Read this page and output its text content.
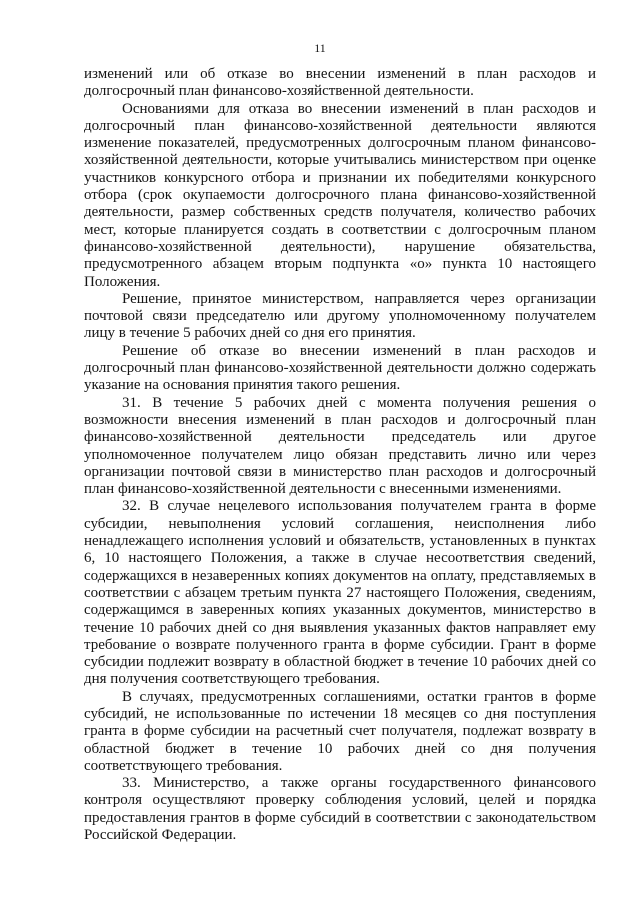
11

изменений или об отказе во внесении изменений в план расходов и долгосрочный план финансово-хозяйственной деятельности.

Основаниями для отказа во внесении изменений в план расходов и долгосрочный план финансово-хозяйственной деятельности являются изменение показателей, предусмотренных долгосрочным планом финансово-хозяйственной деятельности, которые учитывались министерством при оценке участников конкурсного отбора и признании их победителями конкурсного отбора (срок окупаемости долгосрочного плана финансово-хозяйственной деятельности, размер собственных средств получателя, количество рабочих мест, которые планируется создать в соответствии с долгосрочным планом финансово-хозяйственной деятельности), нарушение обязательства, предусмотренного абзацем вторым подпункта «о» пункта 10 настоящего Положения.

Решение, принятое министерством, направляется через организации почтовой связи председателю или другому уполномоченному получателем лицу в течение 5 рабочих дней со дня его принятия.

Решение об отказе во внесении изменений в план расходов и долгосрочный план финансово-хозяйственной деятельности должно содержать указание на основания принятия такого решения.

31. В течение 5 рабочих дней с момента получения решения о возможности внесения изменений в план расходов и долгосрочный план финансово-хозяйственной деятельности председатель или другое уполномоченное получателем лицо обязан представить лично или через организации почтовой связи в министерство план расходов и долгосрочный план финансово-хозяйственной деятельности с внесенными изменениями.

32. В случае нецелевого использования получателем гранта в форме субсидии, невыполнения условий соглашения, неисполнения либо ненадлежащего исполнения условий и обязательств, установленных в пунктах 6, 10 настоящего Положения, а также в случае несоответствия сведений, содержащихся в незаверенных копиях документов на оплату, представляемых в соответствии с абзацем третьим пункта 27 настоящего Положения, сведениям, содержащимся в заверенных копиях указанных документов, министерство в течение 10 рабочих дней со дня выявления указанных фактов направляет ему требование о возврате полученного гранта в форме субсидии. Грант в форме субсидии подлежит возврату в областной бюджет в течение 10 рабочих дней со дня получения соответствующего требования.

В случаях, предусмотренных соглашениями, остатки грантов в форме субсидий, не использованные по истечении 18 месяцев со дня поступления гранта в форме субсидии на расчетный счет получателя, подлежат возврату в областной бюджет в течение 10 рабочих дней со дня получения соответствующего требования.

33. Министерство, а также органы государственного финансового контроля осуществляют проверку соблюдения условий, целей и порядка предоставления грантов в форме субсидий в соответствии с законодательством Российской Федерации.
